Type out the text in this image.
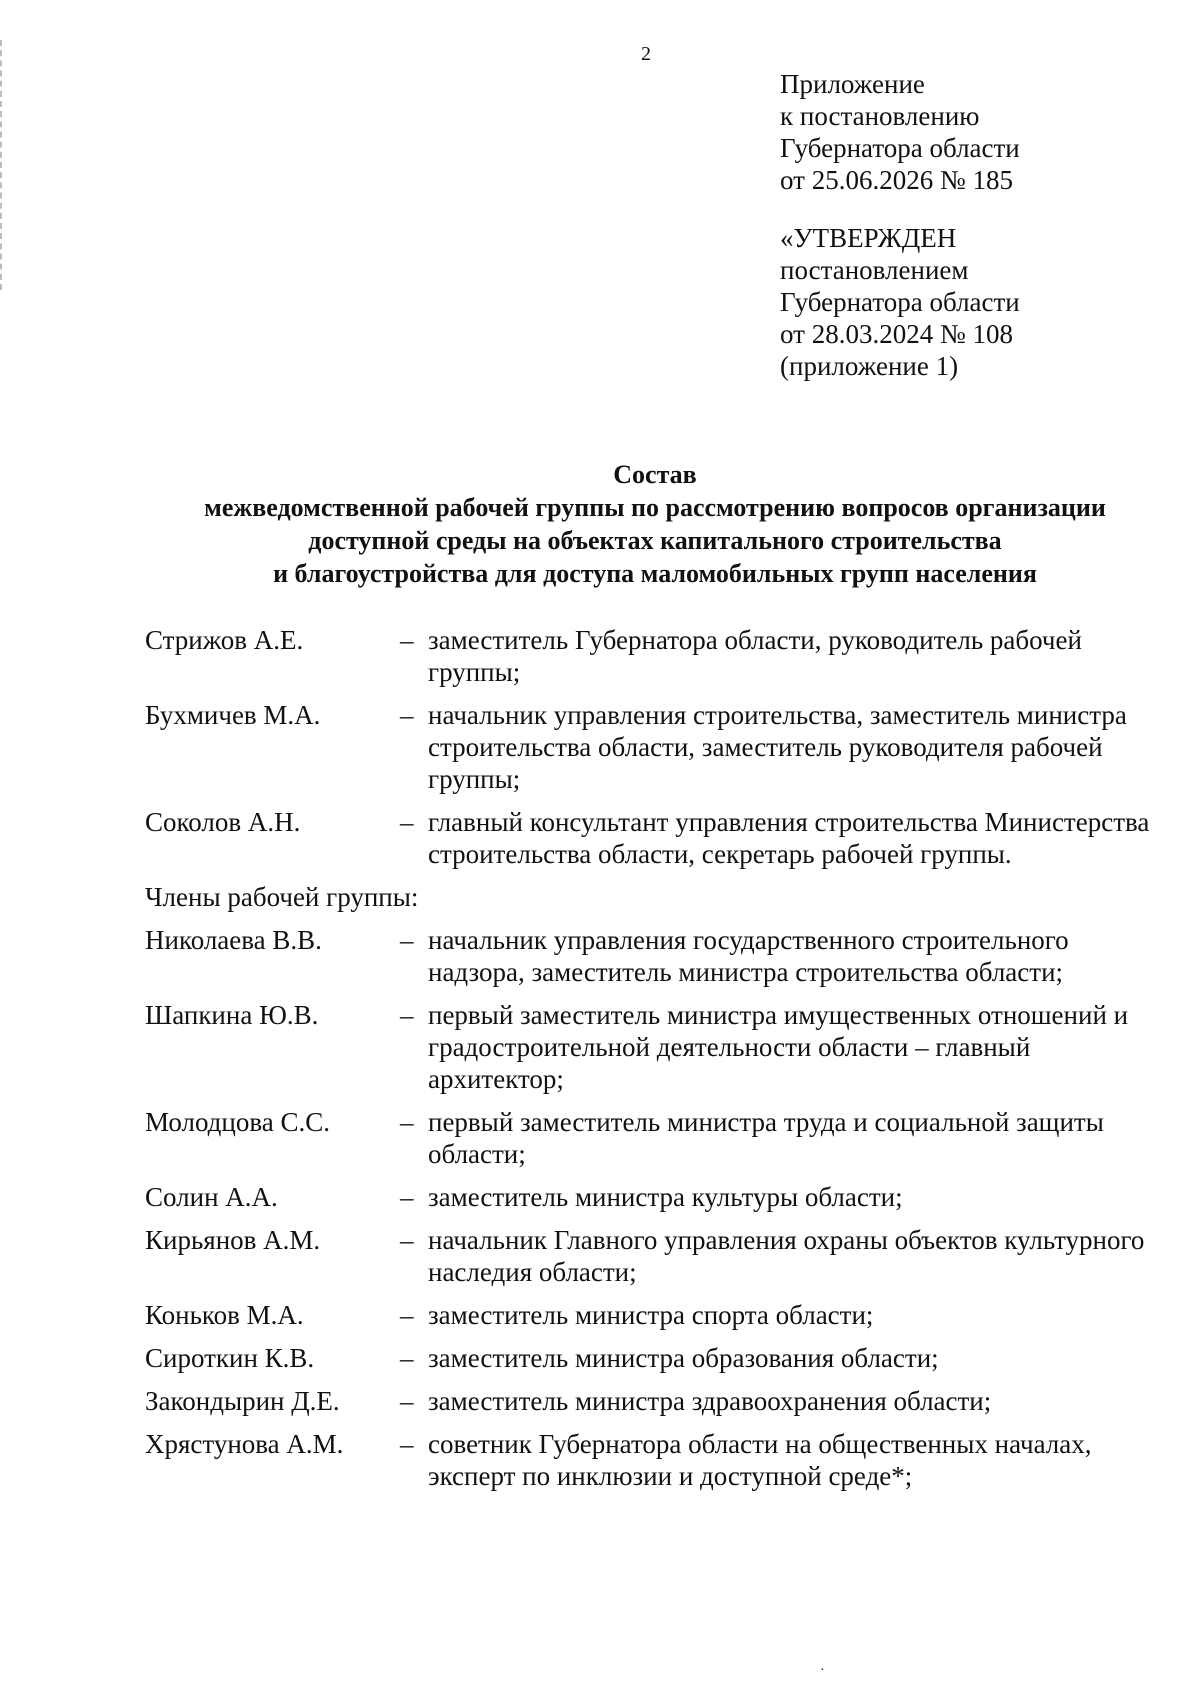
2
Приложение
к постановлению
Губернатора области
от 25.06.2026 № 185
«УТВЕРЖДЕН
постановлением
Губернатора области
от 28.03.2024 № 108
(приложение 1)
Состав
межведомственной рабочей группы по рассмотрению вопросов организации
доступной среды на объектах капитального строительства
и благоустройства для доступа маломобильных групп населения
Стрижов А.Е.	– заместитель Губернатора области, руководитель рабочей группы;
Бухмичев М.А.	– начальник управления строительства, заместитель министра строительства области, заместитель руководителя рабочей группы;
Соколов А.Н.	– главный консультант управления строительства Министерства строительства области, секретарь рабочей группы.
Члены рабочей группы:
Николаева В.В.	– начальник управления государственного строительного надзора, заместитель министра строительства области;
Шапкина Ю.В.	– первый заместитель министра имущественных отношений и градостроительной деятельности области – главный архитектор;
Молодцова С.С.	– первый заместитель министра труда и социальной защиты области;
Солин А.А.	– заместитель министра культуры области;
Кирьянов А.М.	– начальник Главного управления охраны объектов культурного наследия области;
Коньков М.А.	– заместитель министра спорта области;
Сироткин К.В.	– заместитель министра образования области;
Закондырин Д.Е.	– заместитель министра здравоохранения области;
Хрястунова А.М.	– советник Губернатора области на общественных началах, эксперт по инклюзии и доступной среде*;
·
